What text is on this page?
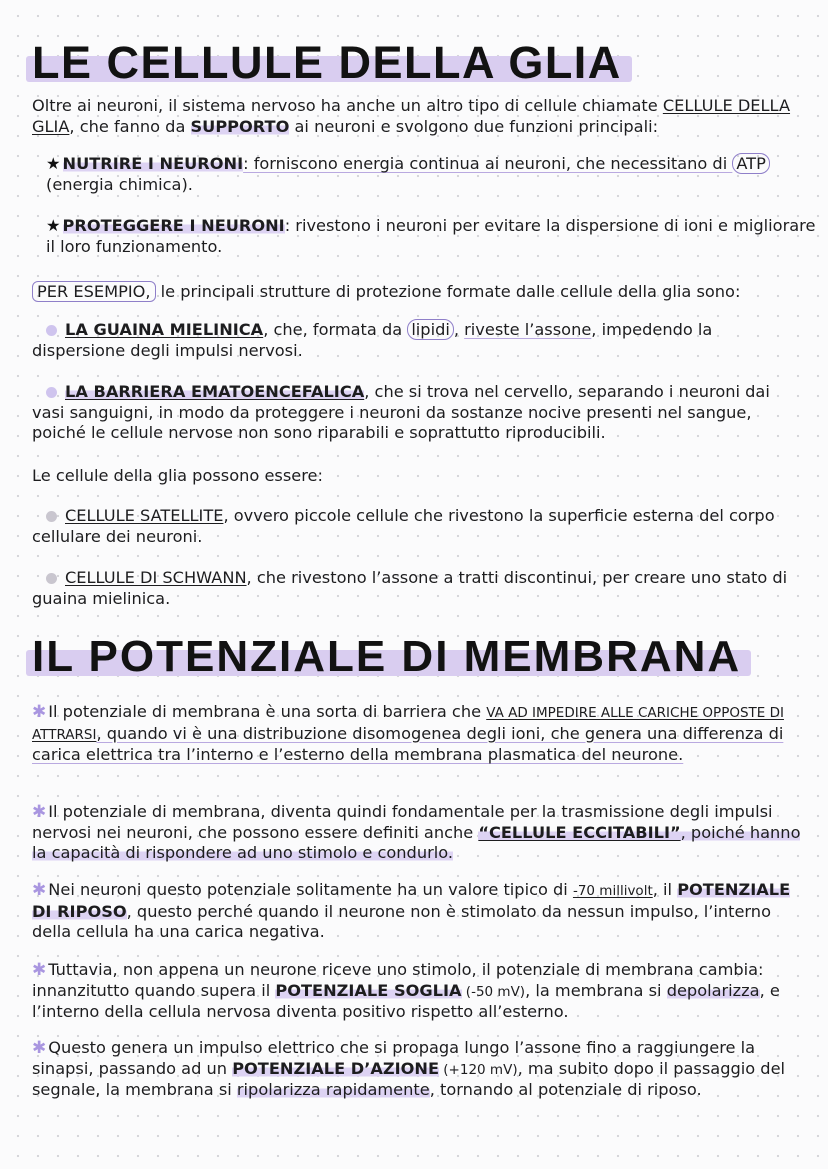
LE CELLULE DELLA GLIA

Oltre ai neuroni, il sistema nervoso ha anche un altro tipo di cellule chiamate CELLULE DELLA GLIA, che fanno da SUPPORTO ai neuroni e svolgono due funzioni principali:

★ NUTRIRE I NEURONI: forniscono energia continua ai neuroni, che necessitano di ATP (energia chimica).

★ PROTEGGERE I NEURONI: rivestono i neuroni per evitare la dispersione di ioni e migliorare il loro funzionamento.

PER ESEMPIO, le principali strutture di protezione formate dalle cellule della glia sono:

LA GUAINA MIELINICA, che, formata da lipidi , riveste l’assone, impedendo la dispersione degli impulsi nervosi.

LA BARRIERA EMATOENCEFALICA, che si trova nel cervello, separando i neuroni dai vasi sanguigni, in modo da proteggere i neuroni da sostanze nocive presenti nel sangue, poiché le cellule nervose non sono riparabili e soprattutto riproducibili.

Le cellule della glia possono essere:

CELLULE SATELLITE, ovvero piccole cellule che rivestono la superficie esterna del corpo cellulare dei neuroni.

CELLULE DI SCHWANN, che rivestono l’assone a tratti discontinui, per creare uno stato di guaina mielinica.

IL POTENZIALE DI MEMBRANA

✱ Il potenziale di membrana è una sorta di barriera che VA AD IMPEDIRE ALLE CARICHE OPPOSTE DI ATTRARSI, quando vi è una distribuzione disomogenea degli ioni, che genera una differenza di carica elettrica tra l’interno e l’esterno della membrana plasmatica del neurone.

✱ Il potenziale di membrana, diventa quindi fondamentale per la trasmissione degli impulsi nervosi nei neuroni, che possono essere definiti anche “CELLULE ECCITABILI”, poiché hanno la capacità di rispondere ad uno stimolo e condurlo.

✱ Nei neuroni questo potenziale solitamente ha un valore tipico di -70 millivolt, il POTENZIALE DI RIPOSO, questo perché quando il neurone non è stimolato da nessun impulso, l’interno della cellula ha una carica negativa.

✱ Tuttavia, non appena un neurone riceve uno stimolo, il potenziale di membrana cambia: innanzitutto quando supera il POTENZIALE SOGLIA (-50 mV), la membrana si depolarizza, e l’interno della cellula nervosa diventa positivo rispetto all’esterno.

✱ Questo genera un impulso elettrico che si propaga lungo l’assone fino a raggiungere la sinapsi, passando ad un POTENZIALE D’AZIONE (+120 mV), ma subito dopo il passaggio del segnale, la membrana si ripolarizza rapidamente, tornando al potenziale di riposo.
